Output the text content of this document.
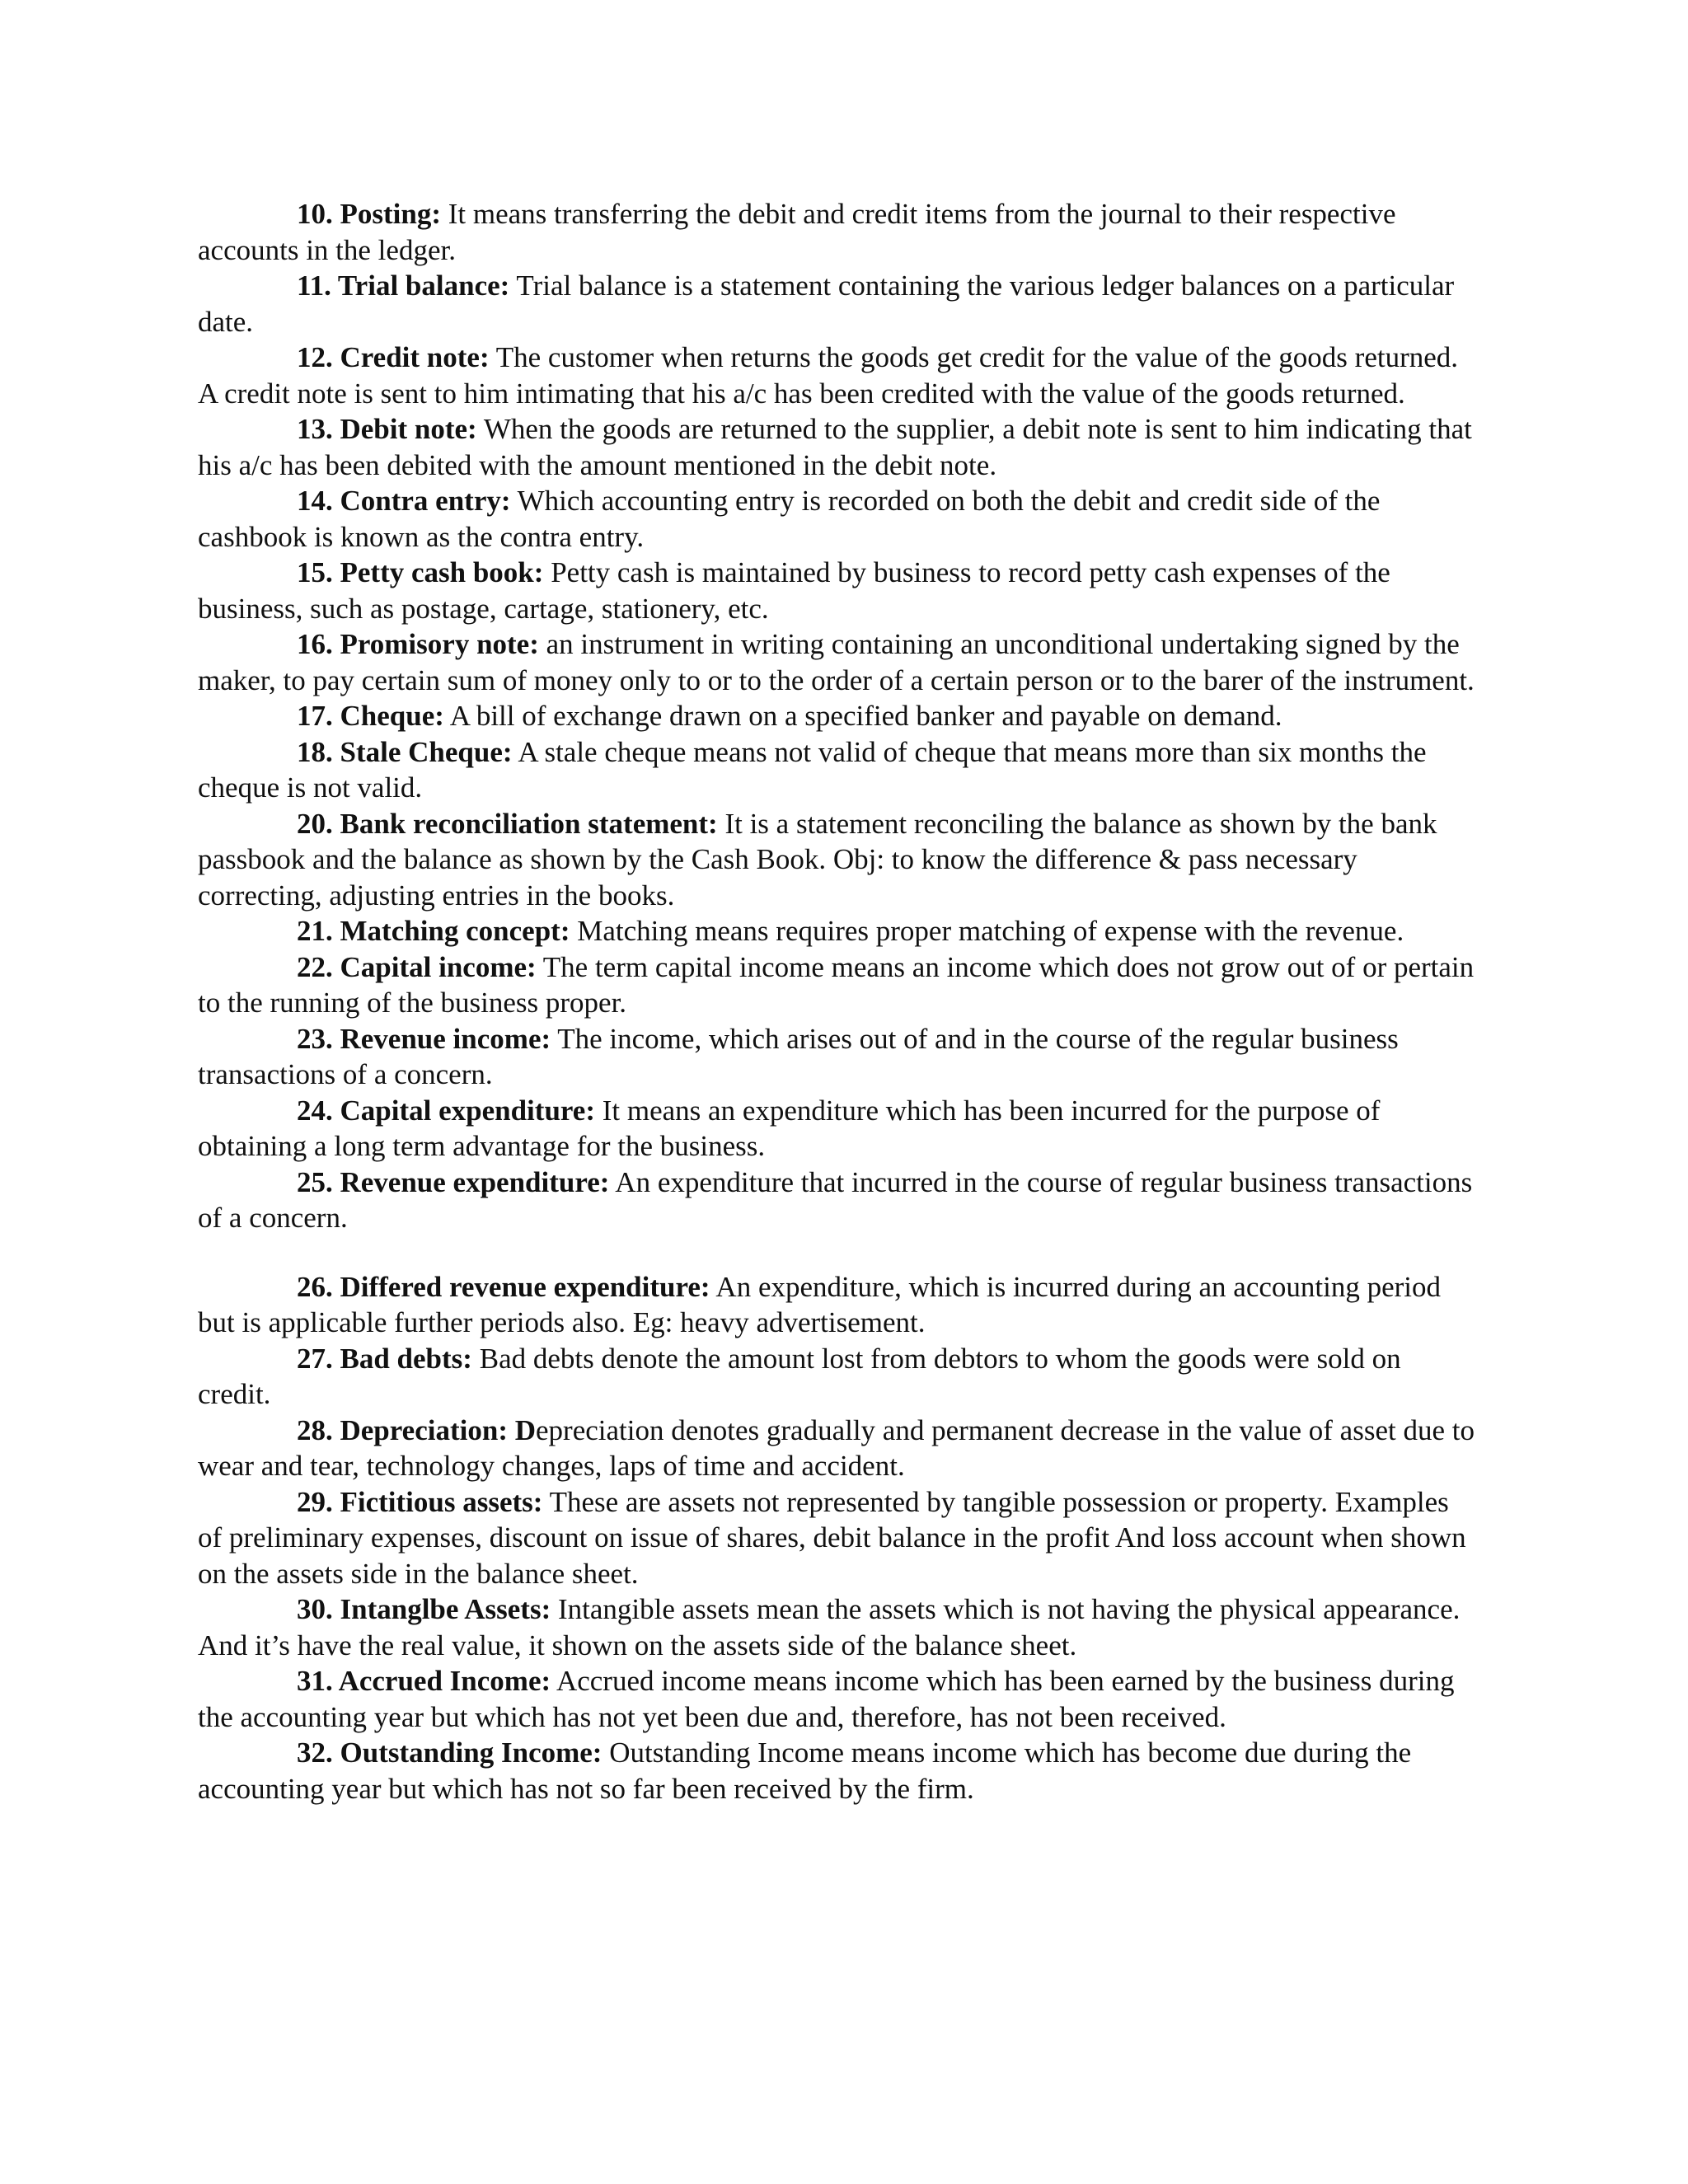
10. Posting: It means transferring the debit and credit items from the journal to their respective accounts in the ledger.

11. Trial balance: Trial balance is a statement containing the various ledger balances on a particular date.

12. Credit note: The customer when returns the goods get credit for the value of the goods returned. A credit note is sent to him intimating that his a/c has been credited with the value of the goods returned.

13. Debit note: When the goods are returned to the supplier, a debit note is sent to him indicating that his a/c has been debited with the amount mentioned in the debit note.

14. Contra entry: Which accounting entry is recorded on both the debit and credit side of the cashbook is known as the contra entry.

15. Petty cash book: Petty cash is maintained by business to record petty cash expenses of the business, such as postage, cartage, stationery, etc.

16. Promisory note: an instrument in writing containing an unconditional undertaking signed by the maker, to pay certain sum of money only to or to the order of a certain person or to the barer of the instrument.

17. Cheque: A bill of exchange drawn on a specified banker and payable on demand.

18. Stale Cheque: A stale cheque means not valid of cheque that means more than six months the cheque is not valid.

20. Bank reconciliation statement: It is a statement reconciling the balance as shown by the bank passbook and the balance as shown by the Cash Book. Obj: to know the difference & pass necessary correcting, adjusting entries in the books.

21. Matching concept: Matching means requires proper matching of expense with the revenue.

22. Capital income: The term capital income means an income which does not grow out of or pertain to the running of the business proper.

23. Revenue income: The income, which arises out of and in the course of the regular business transactions of a concern.

24. Capital expenditure: It means an expenditure which has been incurred for the purpose of obtaining a long term advantage for the business.

25. Revenue expenditure: An expenditure that incurred in the course of regular business transactions of a concern.

26. Differed revenue expenditure: An expenditure, which is incurred during an accounting period but is applicable further periods also. Eg: heavy advertisement.

27. Bad debts: Bad debts denote the amount lost from debtors to whom the goods were sold on credit.

28. Depreciation: Depreciation denotes gradually and permanent decrease in the value of asset due to wear and tear, technology changes, laps of time and accident.

29. Fictitious assets: These are assets not represented by tangible possession or property. Examples of preliminary expenses, discount on issue of shares, debit balance in the profit And loss account when shown on the assets side in the balance sheet.

30. Intanglbe Assets: Intangible assets mean the assets which is not having the physical appearance. And it’s have the real value, it shown on the assets side of the balance sheet.

31. Accrued Income: Accrued income means income which has been earned by the business during the accounting year but which has not yet been due and, therefore, has not been received.

32. Outstanding Income: Outstanding Income means income which has become due during the accounting year but which has not so far been received by the firm.
